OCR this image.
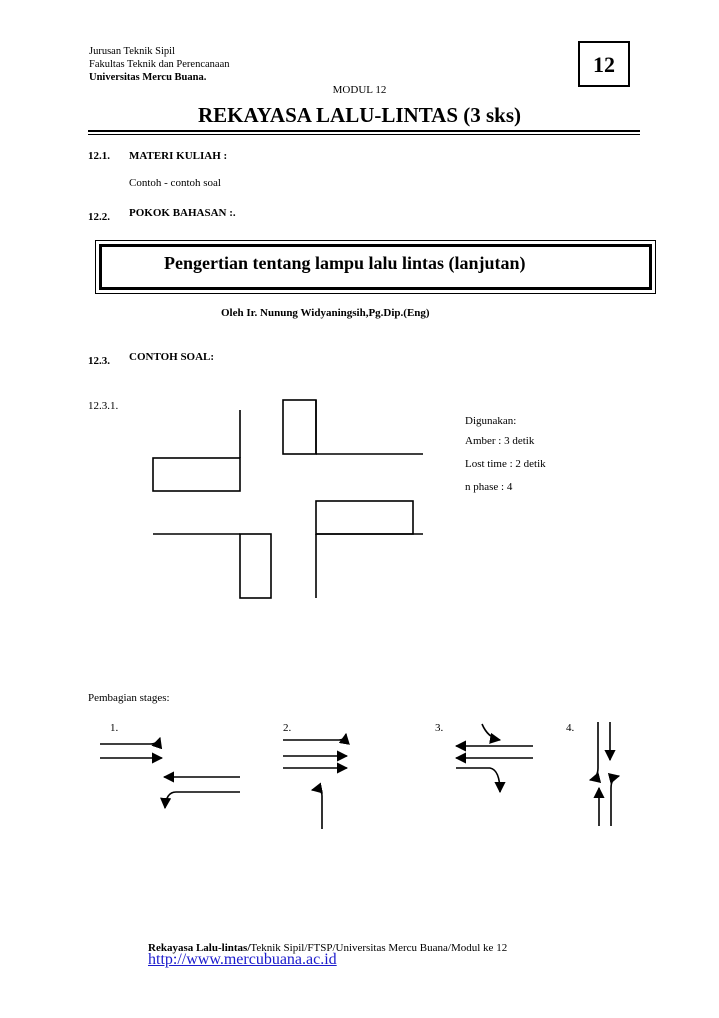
Jurusan Teknik Sipil
Fakultas Teknik dan Perencanaan
Universitas Mercu Buana.
12
MODUL 12
REKAYASA LALU-LINTAS (3 sks)
12.1. MATERI KULIAH :
Contoh - contoh soal
12.2. POKOK BAHASAN :.
Pengertian tentang lampu lalu lintas (lanjutan)
Oleh Ir. Nunung Widyaningsih,Pg.Dip.(Eng)
12.3. CONTOH SOAL:
12.3.1.
Digunakan:
Amber : 3 detik
Lost time : 2 detik
n phase : 4
Pembagian stages:
1.	2.	3.	4.
Rekayasa Lalu-lintas/Teknik Sipil/FTSP/Universitas Mercu Buana/Modul ke 12
http://www.mercubuana.ac.id
